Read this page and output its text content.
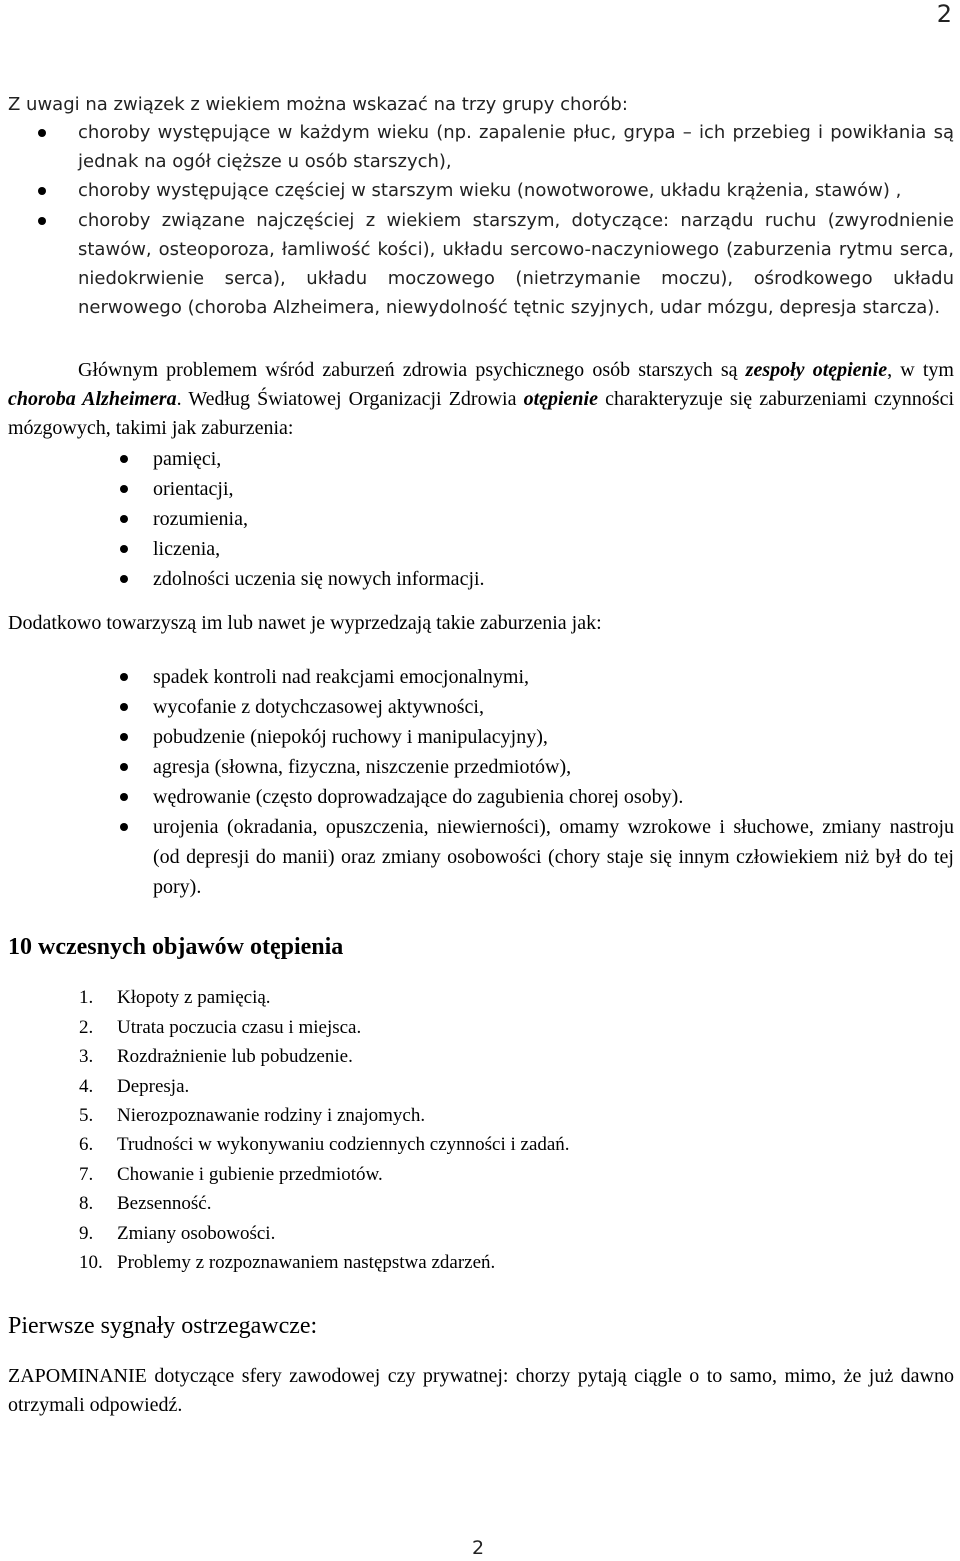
2

Z uwagi na związek z wiekiem można wskazać na trzy grupy chorób:

choroby występujące w każdym wieku (np. zapalenie płuc, grypa – ich przebieg i powikłania są jednak na ogół cięższe u osób starszych),
choroby występujące częściej w starszym wieku (nowotworowe, układu krążenia, stawów) ,
choroby związane najczęściej z wiekiem starszym, dotyczące: narządu ruchu (zwyrodnienie stawów, osteoporoza, łamliwość kości), układu sercowo-naczyniowego (zaburzenia rytmu serca, niedokrwienie serca), układu moczowego (nietrzymanie moczu), ośrodkowego układu nerwowego (choroba Alzheimera, niewydolność tętnic szyjnych, udar mózgu, depresja starcza).

Głównym problemem wśród zaburzeń zdrowia psychicznego osób starszych są zespoły otępienie, w tym choroba Alzheimera. Według Światowej Organizacji Zdrowia otępienie charakteryzuje się zaburzeniami czynności mózgowych, takimi jak zaburzenia:

pamięci,
orientacji,
rozumienia,
liczenia,
zdolności uczenia się nowych informacji.

Dodatkowo towarzyszą im lub nawet je wyprzedzają takie zaburzenia jak:

spadek kontroli nad reakcjami emocjonalnymi,
wycofanie z dotychczasowej aktywności,
pobudzenie (niepokój ruchowy i manipulacyjny),
agresja (słowna, fizyczna, niszczenie przedmiotów),
wędrowanie (często doprowadzające do zagubienia chorej osoby).
urojenia (okradania, opuszczenia, niewierności), omamy wzrokowe i słuchowe, zmiany nastroju (od depresji do manii) oraz zmiany osobowości (chory staje się innym człowiekiem niż był do tej pory).
10 wczesnych objawów otępienia
1. Kłopoty z pamięcią.
2. Utrata poczucia czasu i miejsca.
3. Rozdrażnienie lub pobudzenie.
4. Depresja.
5. Nierozpoznawanie rodziny i znajomych.
6. Trudności w wykonywaniu codziennych czynności i zadań.
7. Chowanie i gubienie przedmiotów.
8. Bezsenność.
9. Zmiany osobowości.
10. Problemy z rozpoznawaniem następstwa zdarzeń.
Pierwsze sygnały ostrzegawcze:

ZAPOMINANIE dotyczące sfery zawodowej czy prywatnej: chorzy pytają ciągle o to samo, mimo, że już dawno otrzymali odpowiedź.

2
